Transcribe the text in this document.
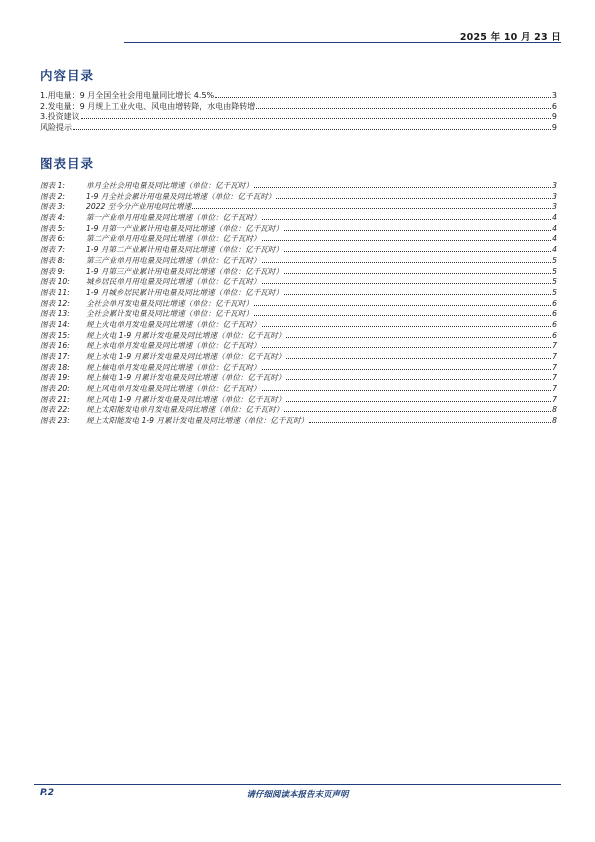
2025 年 10 月 23 日
内容目录
1.用电量：9 月全国全社会用电量同比增长 4.5%	3
2.发电量：9 月规上工业火电、风电由增转降，水电由降转增	6
3.投资建议	9
风险提示	9
图表目录
图表 1:	单月全社会用电量及同比增速（单位：亿千瓦时）	3
图表 2:	1-9 月全社会累计用电量及同比增速（单位：亿千瓦时）	3
图表 3:	2022 至今分产业用电同比增速	3
图表 4:	第一产业单月用电量及同比增速（单位：亿千瓦时）	4
图表 5:	1-9 月第一产业累计用电量及同比增速（单位：亿千瓦时）	4
图表 6:	第二产业单月用电量及同比增速（单位：亿千瓦时）	4
图表 7:	1-9 月第二产业累计用电量及同比增速（单位：亿千瓦时）	4
图表 8:	第三产业单月用电量及同比增速（单位：亿千瓦时）	5
图表 9:	1-9 月第三产业累计用电量及同比增速（单位：亿千瓦时）	5
图表 10:	城乡居民单月用电量及同比增速（单位：亿千瓦时）	5
图表 11:	1-9 月城乡居民累计用电量及同比增速（单位：亿千瓦时）	5
图表 12:	全社会单月发电量及同比增速（单位：亿千瓦时）	6
图表 13:	全社会累计发电量及同比增速（单位：亿千瓦时）	6
图表 14:	规上火电单月发电量及同比增速（单位：亿千瓦时）	6
图表 15:	规上火电 1-9 月累计发电量及同比增速（单位：亿千瓦时）	6
图表 16:	规上水电单月发电量及同比增速（单位：亿千瓦时）	7
图表 17:	规上水电 1-9 月累计发电量及同比增速（单位：亿千瓦时）	7
图表 18:	规上核电单月发电量及同比增速（单位：亿千瓦时）	7
图表 19:	规上核电 1-9 月累计发电量及同比增速（单位：亿千瓦时）	7
图表 20:	规上风电单月发电量及同比增速（单位：亿千瓦时）	7
图表 21:	规上风电 1-9 月累计发电量及同比增速（单位：亿千瓦时）	7
图表 22:	规上太阳能发电单月发电量及同比增速（单位：亿千瓦时）	8
图表 23:	规上太阳能发电 1-9 月累计发电量及同比增速（单位：亿千瓦时）	8
P.2	请仔细阅读本报告末页声明
